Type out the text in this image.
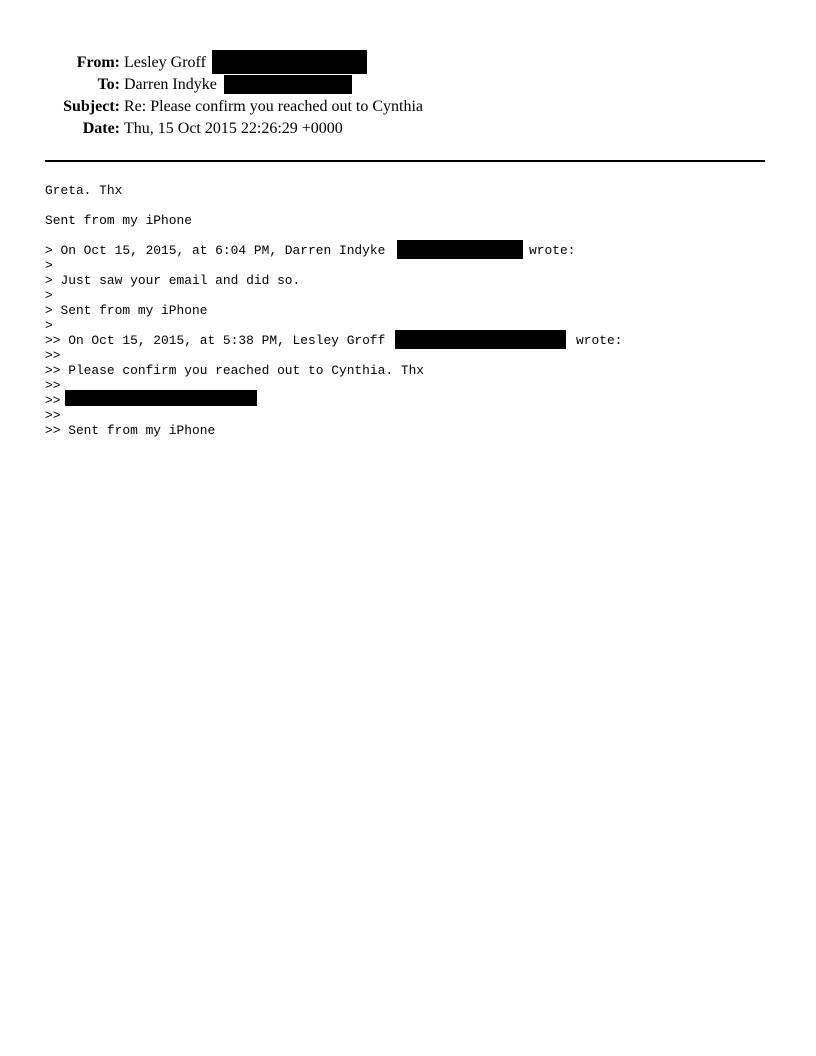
From: Lesley Groff
To: Darren Indyke
Subject: Re: Please confirm you reached out to Cynthia
Date: Thu, 15 Oct 2015 22:26:29 +0000
Greta. Thx
Sent from my iPhone
> On Oct 15, 2015, at 6:04 PM, Darren Indyke	wrote:
>
> Just saw your email and did so.
>
> Sent from my iPhone
>
>> On Oct 15, 2015, at 5:38 PM, Lesley Groff	wrote:
>>
>> Please confirm you reached out to Cynthia. Thx
>>
>>
>>
>> Sent from my iPhone
